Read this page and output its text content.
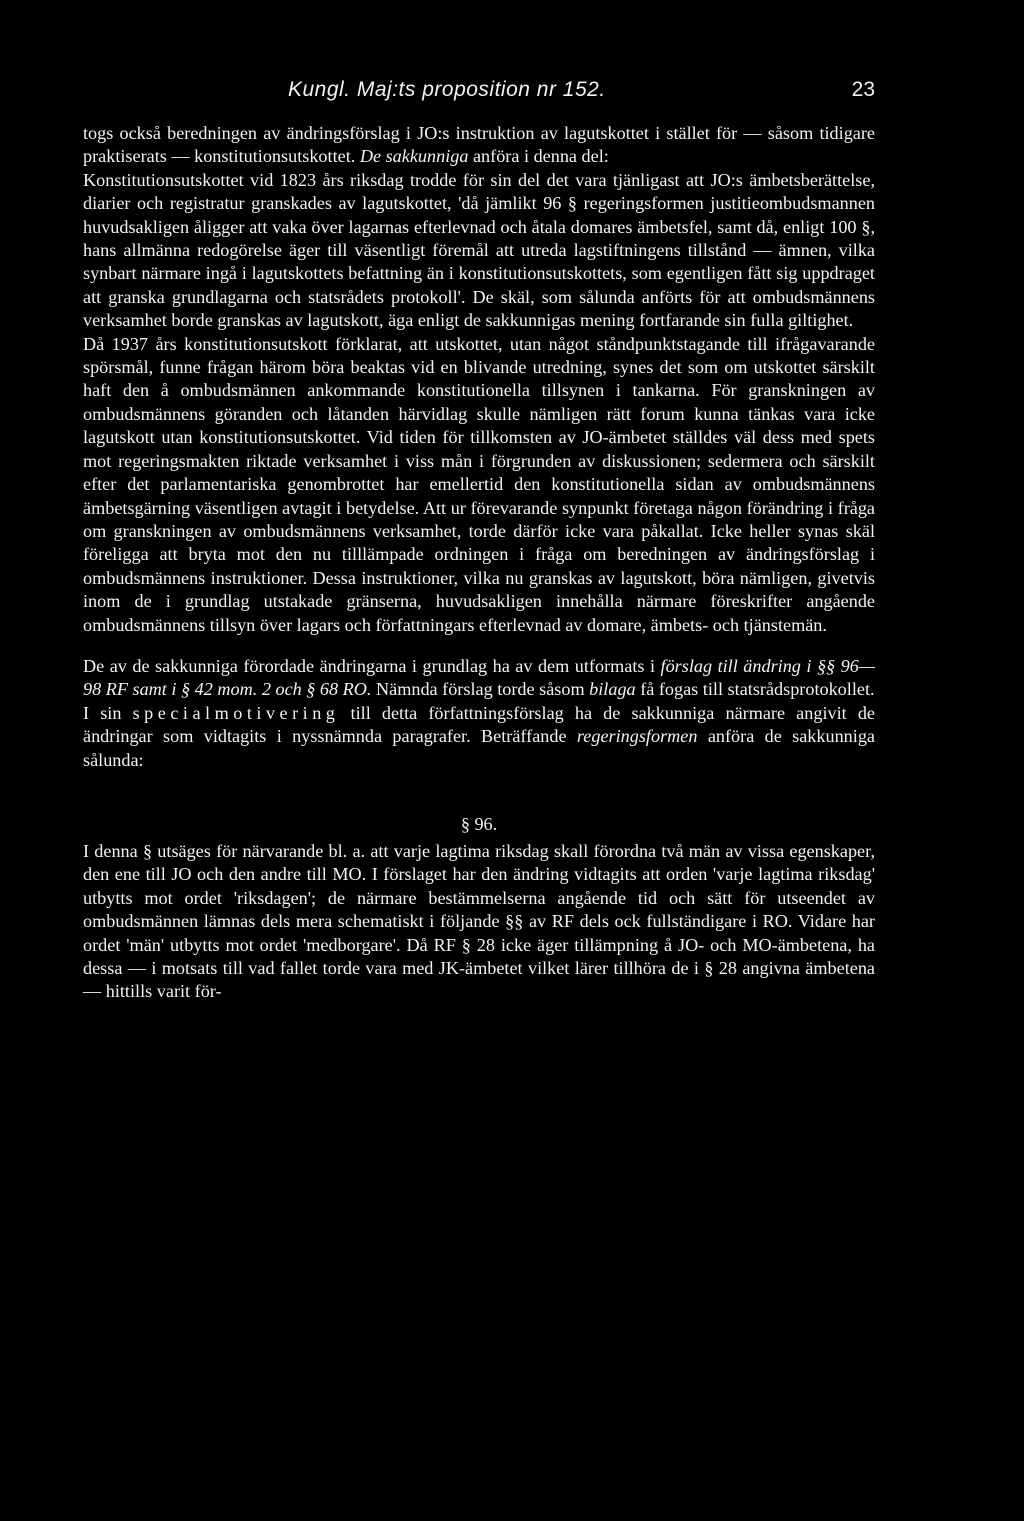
Kungl. Maj:ts proposition nr 152.	23

togs också beredningen av ändringsförslag i JO:s instruktion av lagutskottet i stället för — såsom tidigare praktiserats — konstitutionsutskottet. De sakkunniga anföra i denna del:

Konstitutionsutskottet vid 1823 års riksdag trodde för sin del det vara tjänligast att JO:s ämbetsberättelse, diarier och registratur granskades av lagutskottet, 'då jämlikt 96 § regeringsformen justitieombudsmannen huvudsakligen åligger att vaka över lagarnas efterlevnad och åtala domares ämbetsfel, samt då, enligt 100 §, hans allmänna redogörelse äger till väsentligt föremål att utreda lagstiftningens tillstånd — ämnen, vilka synbart närmare ingå i lagutskottets befattning än i konstitutionsutskottets, som egentligen fått sig uppdraget att granska grundlagarna och statsrådets protokoll'. De skäl, som sålunda anförts för att ombudsmännens verksamhet borde granskas av lagutskott, äga enligt de sakkunnigas mening fortfarande sin fulla giltighet.

Då 1937 års konstitutionsutskott förklarat, att utskottet, utan något ståndpunktstagande till ifrågavarande spörsmål, funne frågan härom böra beaktas vid en blivande utredning, synes det som om utskottet särskilt haft den å ombudsmännen ankommande konstitutionella tillsynen i tankarna. För granskningen av ombudsmännens göranden och låtanden härvidlag skulle nämligen rätt forum kunna tänkas vara icke lagutskott utan konstitutionsutskottet. Vid tiden för tillkomsten av JO-ämbetet ställdes väl dess med spets mot regeringsmakten riktade verksamhet i viss mån i förgrunden av diskussionen; sedermera och särskilt efter det parlamentariska genombrottet har emellertid den konstitutionella sidan av ombudsmännens ämbetsgärning väsentligen avtagit i betydelse. Att ur förevarande synpunkt företaga någon förändring i fråga om granskningen av ombudsmännens verksamhet, torde därför icke vara påkallat. Icke heller synas skäl föreligga att bryta mot den nu tilllämpade ordningen i fråga om beredningen av ändringsförslag i ombudsmännens instruktioner. Dessa instruktioner, vilka nu granskas av lagutskott, böra nämligen, givetvis inom de i grundlag utstakade gränserna, huvudsakligen innehålla närmare föreskrifter angående ombudsmännens tillsyn över lagars och författningars efterlevnad av domare, ämbets- och tjänstemän.

De av de sakkunniga förordade ändringarna i grundlag ha av dem utformats i förslag till ändring i §§ 96—98 RF samt i § 42 mom. 2 och § 68 RO. Nämnda förslag torde såsom bilaga få fogas till statsrådsprotokollet.

I sin specialmotivering till detta författningsförslag ha de sakkunniga närmare angivit de ändringar som vidtagits i nyssnämnda paragrafer. Beträffande regeringsformen anföra de sakkunniga sålunda:

§ 96.

I denna § utsäges för närvarande bl. a. att varje lagtima riksdag skall förordna två män av vissa egenskaper, den ene till JO och den andre till MO. I förslaget har den ändring vidtagits att orden 'varje lagtima riksdag' utbytts mot ordet 'riksdagen'; de närmare bestämmelserna angående tid och sätt för utseendet av ombudsmännen lämnas dels mera schematiskt i följande §§ av RF dels ock fullständigare i RO. Vidare har ordet 'män' utbytts mot ordet 'medborgare'. Då RF § 28 icke äger tillämpning å JO- och MO-ämbetena, ha dessa — i motsats till vad fallet torde vara med JK-ämbetet vilket lärer tillhöra de i § 28 angivna ämbetena — hittills varit för-
